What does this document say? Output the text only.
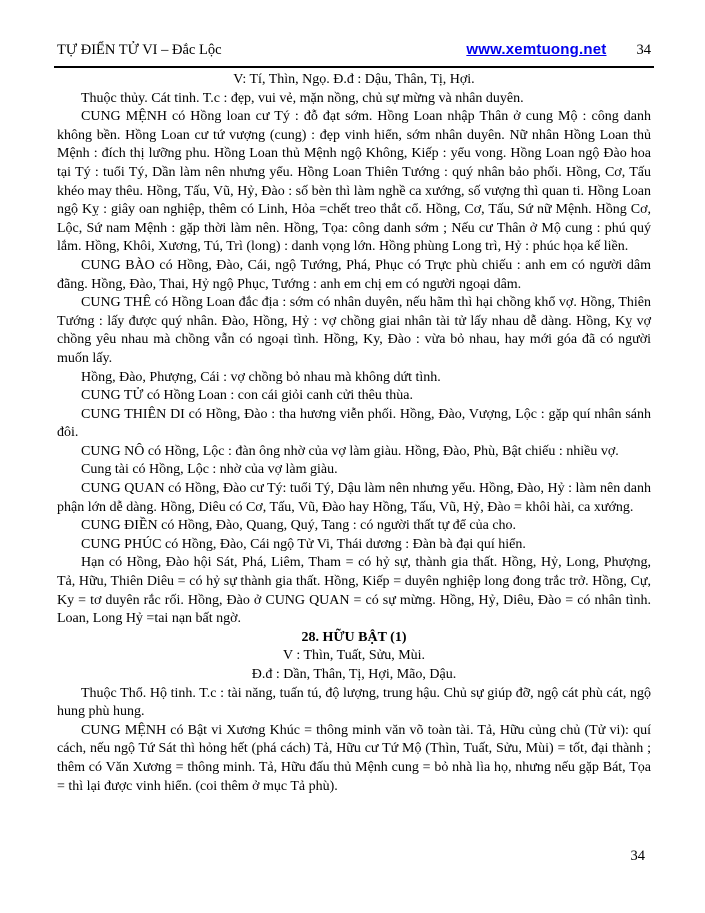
TỰ ĐIỂN TỬ VI – Đắc Lộc	www.xemtuong.net 34

V: Tí, Thìn, Ngọ. Đ.đ : Dậu, Thân, Tị, Hợi.

Thuộc thủy. Cát tinh. T.c : đẹp, vui vẻ, mặn nồng, chủ sự mừng và nhân duyên.

CUNG MỆNH có Hồng loan cư Tý : đỗ đạt sớm. Hồng Loan nhập Thân ở cung Mộ : công danh không bền. Hồng Loan cư tứ vượng (cung) : đẹp vinh hiển, sớm nhân duyên. Nữ nhân Hồng Loan thủ Mệnh : đích thị lưỡng phu. Hồng Loan thủ Mệnh ngộ Không, Kiếp : yểu vong. Hồng Loan ngộ Đào hoa tại Tý : tuổi Tý, Dần làm nên nhưng yểu. Hồng Loan Thiên Tướng : quý nhân bảo phối. Hồng, Cơ, Tấu khéo may thêu. Hồng, Tấu, Vũ, Hỷ, Đào : số bèn thì làm nghề ca xướng, số vượng thì quan ti. Hồng Loan ngộ Kỵ : giây oan nghiệp, thêm có Linh, Hỏa =chết treo thắt cổ. Hồng, Cơ, Tấu, Sứ nữ Mệnh. Hồng Cơ, Lộc, Sứ nam Mệnh : gặp thời làm nên. Hồng, Tọa: công danh sớm ; Nếu cư Thân ở Mộ cung : phú quý lắm. Hồng, Khôi, Xương, Tú, Trì (long) : danh vọng lớn. Hồng phùng Long trì, Hỷ : phúc họa kế liền.

CUNG BÀO có Hồng, Đào, Cái, ngộ Tướng, Phá, Phục có Trực phù chiếu : anh em có người dâm đãng. Hồng, Đào, Thai, Hỷ ngộ Phục, Tướng : anh em chị em có người ngoại dâm.

CUNG THÊ có Hồng Loan đắc địa : sớm có nhân duyên, nếu hãm thì hại chồng khổ vợ. Hồng, Thiên Tướng : lấy được quý nhân. Đào, Hồng, Hỷ : vợ chồng giai nhân tài tử lấy nhau dễ dàng. Hồng, Kỵ vợ chồng yêu nhau mà chồng vẫn có ngoại tình. Hồng, Ky, Đào : vừa bỏ nhau, hay mới góa đã có người muốn lấy.

Hồng, Đào, Phượng, Cái : vợ chồng bỏ nhau mà không dứt tình.

CUNG TỬ có Hồng Loan : con cái giỏi canh cửi thêu thùa.

CUNG THIÊN DI có Hồng, Đào : tha hương viễn phối. Hồng, Đào, Vượng, Lộc : gặp quí nhân sánh đôi.

CUNG NÔ có Hồng, Lộc : đàn ông nhờ của vợ làm giàu. Hồng, Đào, Phù, Bật chiếu : nhiều vợ.

Cung tài có Hồng, Lộc : nhờ của vợ làm giàu.

CUNG QUAN có Hồng, Đào cư Tý: tuổi Tý, Dậu làm nên nhưng yểu. Hồng, Đào, Hỷ : làm nên danh phận lớn dễ dàng. Hồng, Diêu có Cơ, Tấu, Vũ, Đào hay Hồng, Tấu, Vũ, Hỷ, Đào = khôi hài, ca xướng.

CUNG ĐIỀN có Hồng, Đào, Quang, Quý, Tang : có người thất tự để của cho.

CUNG PHÚC có Hồng, Đào, Cái ngộ Tử Vi, Thái dương : Đàn bà đại quí hiển.

Hạn có Hồng, Đào hội Sát, Phá, Liêm, Tham = có hỷ sự, thành gia thất. Hồng, Hỷ, Long, Phượng, Tả, Hữu, Thiên Diêu = có hỷ sự thành gia thất. Hồng, Kiếp = duyên nghiệp long đong trắc trở. Hồng, Cự, Ky = tơ duyên rắc rối. Hồng, Đào ở CUNG QUAN = có sự mừng. Hồng, Hỷ, Diêu, Đào = có nhân tình. Loan, Long Hỷ =tai nạn bất ngờ.

28. HỮU BẬT (1)

V : Thìn, Tuất, Sửu, Mùi.

Đ.đ : Dần, Thân, Tị, Hợi, Mão, Dậu.

Thuộc Thổ. Hộ tinh. T.c : tài năng, tuấn tú, độ lượng, trung hậu. Chủ sự giúp đỡ, ngộ cát phù cát, ngộ hung phù hung.

CUNG MỆNH có Bật vi Xương Khúc = thông minh văn võ toàn tài. Tả, Hữu củng chủ (Tử vi): quí cách, nếu ngộ Tứ Sát thì hỏng hết (phá cách) Tả, Hữu cư Tứ Mộ (Thìn, Tuất, Sửu, Mùi) = tốt, đại thành ; thêm có Văn Xương = thông minh. Tả, Hữu đấu thủ Mệnh cung = bỏ nhà lìa họ, nhưng nếu gặp Bát, Tọa = thì lại được vinh hiển. (coi thêm ở mục Tả phù).

34
